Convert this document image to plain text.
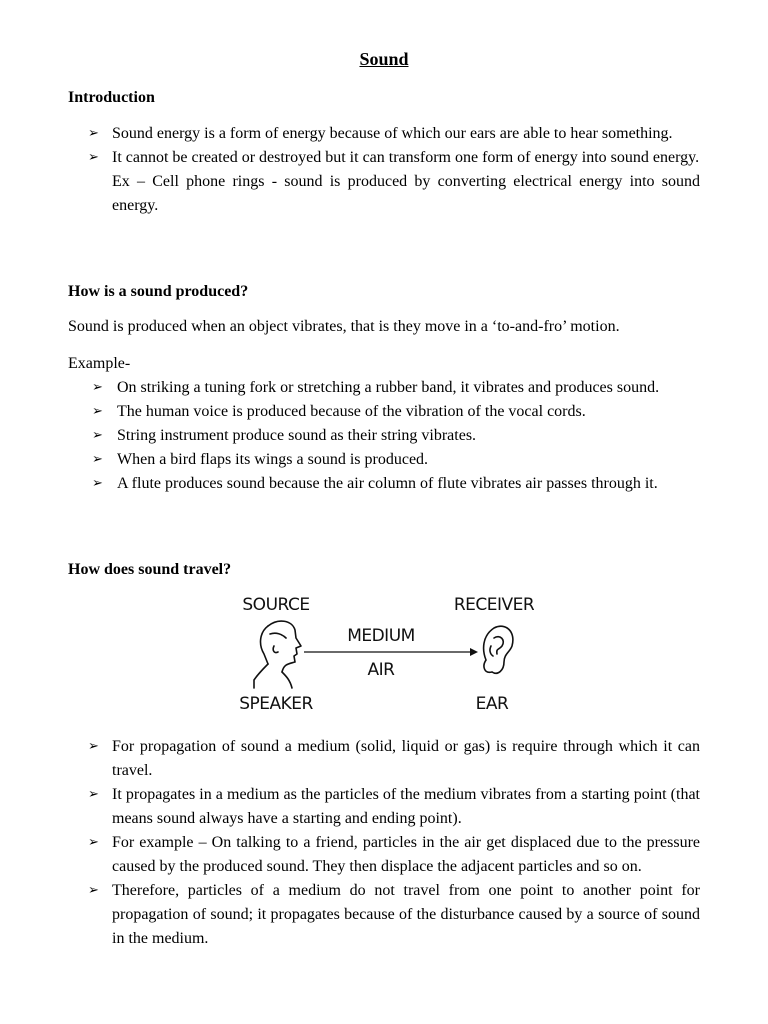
Sound
Introduction
➢ Sound energy is a form of energy because of which our ears are able to hear something.
➢ It cannot be created or destroyed but it can transform one form of energy into sound energy.
Ex – Cell phone rings - sound is produced by converting electrical energy into sound energy.
How is a sound produced?
Sound is produced when an object vibrates, that is they move in a ‘to-and-fro’ motion.
Example-
➢ On striking a tuning fork or stretching a rubber band, it vibrates and produces sound.
➢ The human voice is produced because of the vibration of the vocal cords.
➢ String instrument produce sound as their string vibrates.
➢ When a bird flaps its wings a sound is produced.
➢ A flute produces sound because the air column of flute vibrates air passes through it.
How does sound travel?
SOURCE	RECEIVER
MEDIUM
AIR
SPEAKER	EAR
➢ For propagation of sound a medium (solid, liquid or gas) is require through which it can travel.
➢ It propagates in a medium as the particles of the medium vibrates from a starting point (that means sound always have a starting and ending point).
➢ For example – On talking to a friend, particles in the air get displaced due to the pressure caused by the produced sound. They then displace the adjacent particles and so on.
➢ Therefore, particles of a medium do not travel from one point to another point for propagation of sound; it propagates because of the disturbance caused by a source of sound in the medium.
